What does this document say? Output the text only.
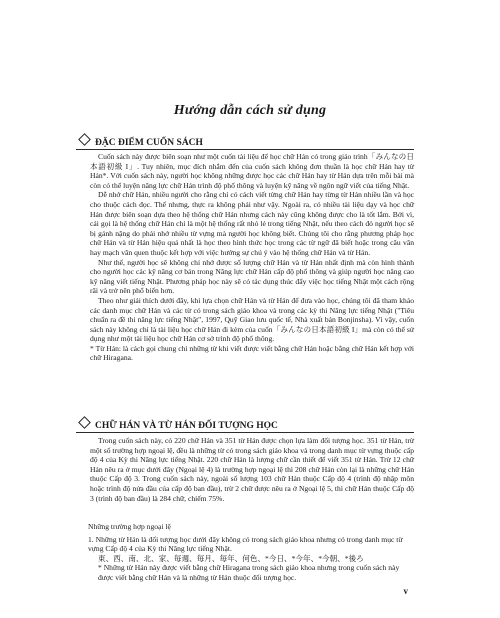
Hướng dẫn cách sử dụng
ĐẶC ĐIỂM CUỐN SÁCH

Cuốn sách này được biên soạn như một cuốn tài liệu để học chữ Hán có trong giáo trình「みんなの日本語初級 I」. Tuy nhiên, mục đích nhắm đến của cuốn sách không đơn thuần là học chữ Hán hay từ Hán*. Với cuốn sách này, người học không những được học các chữ Hán hay từ Hán dựa trên mỗi bài mà còn có thể luyện năng lực chữ Hán trình độ phổ thông và luyện kỹ năng về ngôn ngữ viết của tiếng Nhật.

Dễ nhớ chữ Hán, nhiều người cho rằng chỉ có cách viết từng chữ Hán hay từng từ Hán nhiều lần và học cho thuộc cách đọc. Thế nhưng, thực ra không phải như vậy. Ngoài ra, có nhiều tài liệu dạy và học chữ Hán được biên soạn dựa theo hệ thống chữ Hán nhưng cách này cũng không được cho là tốt lắm. Bởi vì, cái gọi là hệ thống chữ Hán chỉ là một hệ thống rất nhỏ lẻ trong tiếng Nhật, nếu theo cách đó người học sẽ bị gánh nặng do phải nhớ nhiều từ vựng mà người học không biết. Chúng tôi cho rằng phương pháp học chữ Hán và từ Hán hiệu quả nhất là học theo hình thức học trong các từ ngữ đã biết hoặc trong câu văn hay mạch văn quen thuộc kết hợp với việc hướng sự chú ý vào hệ thống chữ Hán và từ Hán.

Như thế, người học sẽ không chỉ nhớ được số lượng chữ Hán và từ Hán nhất định mà còn hình thành cho người học các kỹ năng cơ bản trong Năng lực chữ Hán cấp độ phổ thông và giúp người học nâng cao kỹ năng viết tiếng Nhật. Phương pháp học này sẽ có tác dụng thúc đẩy việc học tiếng Nhật một cách rộng rãi và trở nên phổ biến hơn.

Theo như giải thích dưới đây, khi lựa chọn chữ Hán và từ Hán để đưa vào học, chúng tôi đã tham khảo các danh mục chữ Hán và các từ có trong sách giáo khoa và trong các kỳ thi Năng lực tiếng Nhật ("Tiêu chuẩn ra đề thi năng lực tiếng Nhật", 1997, Quỹ Giao lưu quốc tế, Nhà xuất bản Bonjinsha). Vì vậy, cuốn sách này không chỉ là tài liệu học chữ Hán đi kèm của cuốn「みんなの日本語初級 I」mà còn có thể sử dụng như một tài liệu học chữ Hán cơ sở trình độ phổ thông.

* Từ Hán: là cách gọi chung chỉ những từ khi viết được viết bằng chữ Hán hoặc bằng chữ Hán kết hợp với chữ Hiragana.

CHỮ HÁN VÀ TỪ HÁN ĐỐI TƯỢNG HỌC

Trong cuốn sách này, có 220 chữ Hán và 351 từ Hán được chọn lựa làm đối tượng học. 351 từ Hán, trừ một số trường hợp ngoại lệ, đều là những từ có trong sách giáo khoa và trong danh mục từ vựng thuộc cấp độ 4 của Kỳ thi Năng lực tiếng Nhật. 220 chữ Hán là lượng chữ cần thiết để viết 351 từ Hán. Trừ 12 chữ Hán nêu ra ở mục dưới đây (Ngoại lệ 4) là trường hợp ngoại lệ thì 208 chữ Hán còn lại là những chữ Hán thuộc Cấp độ 3. Trong cuốn sách này, ngoài số lượng 103 chữ Hán thuộc Cấp độ 4 (trình độ nhập môn hoặc trình độ nửa đầu của cấp độ ban đầu), trừ 2 chữ được nêu ra ở Ngoại lệ 5, thì chữ Hán thuộc Cấp độ 3 (trình độ ban đầu) là 284 chữ, chiếm 75%.

Những trường hợp ngoại lệ

1. Những từ Hán là đối tượng học dưới đây không có trong sách giáo khoa nhưng có trong danh mục từ vựng Cấp độ 4 của Kỳ thi Năng lực tiếng Nhật.

東、西、南、北、家、毎週、毎月、毎年、何色、*今日、*今年、*今朝、*後ろ

* Những từ Hán này được viết bằng chữ Hiragana trong sách giáo khoa nhưng trong cuốn sách này được viết bằng chữ Hán và là những từ Hán thuộc đối tượng học.

v
